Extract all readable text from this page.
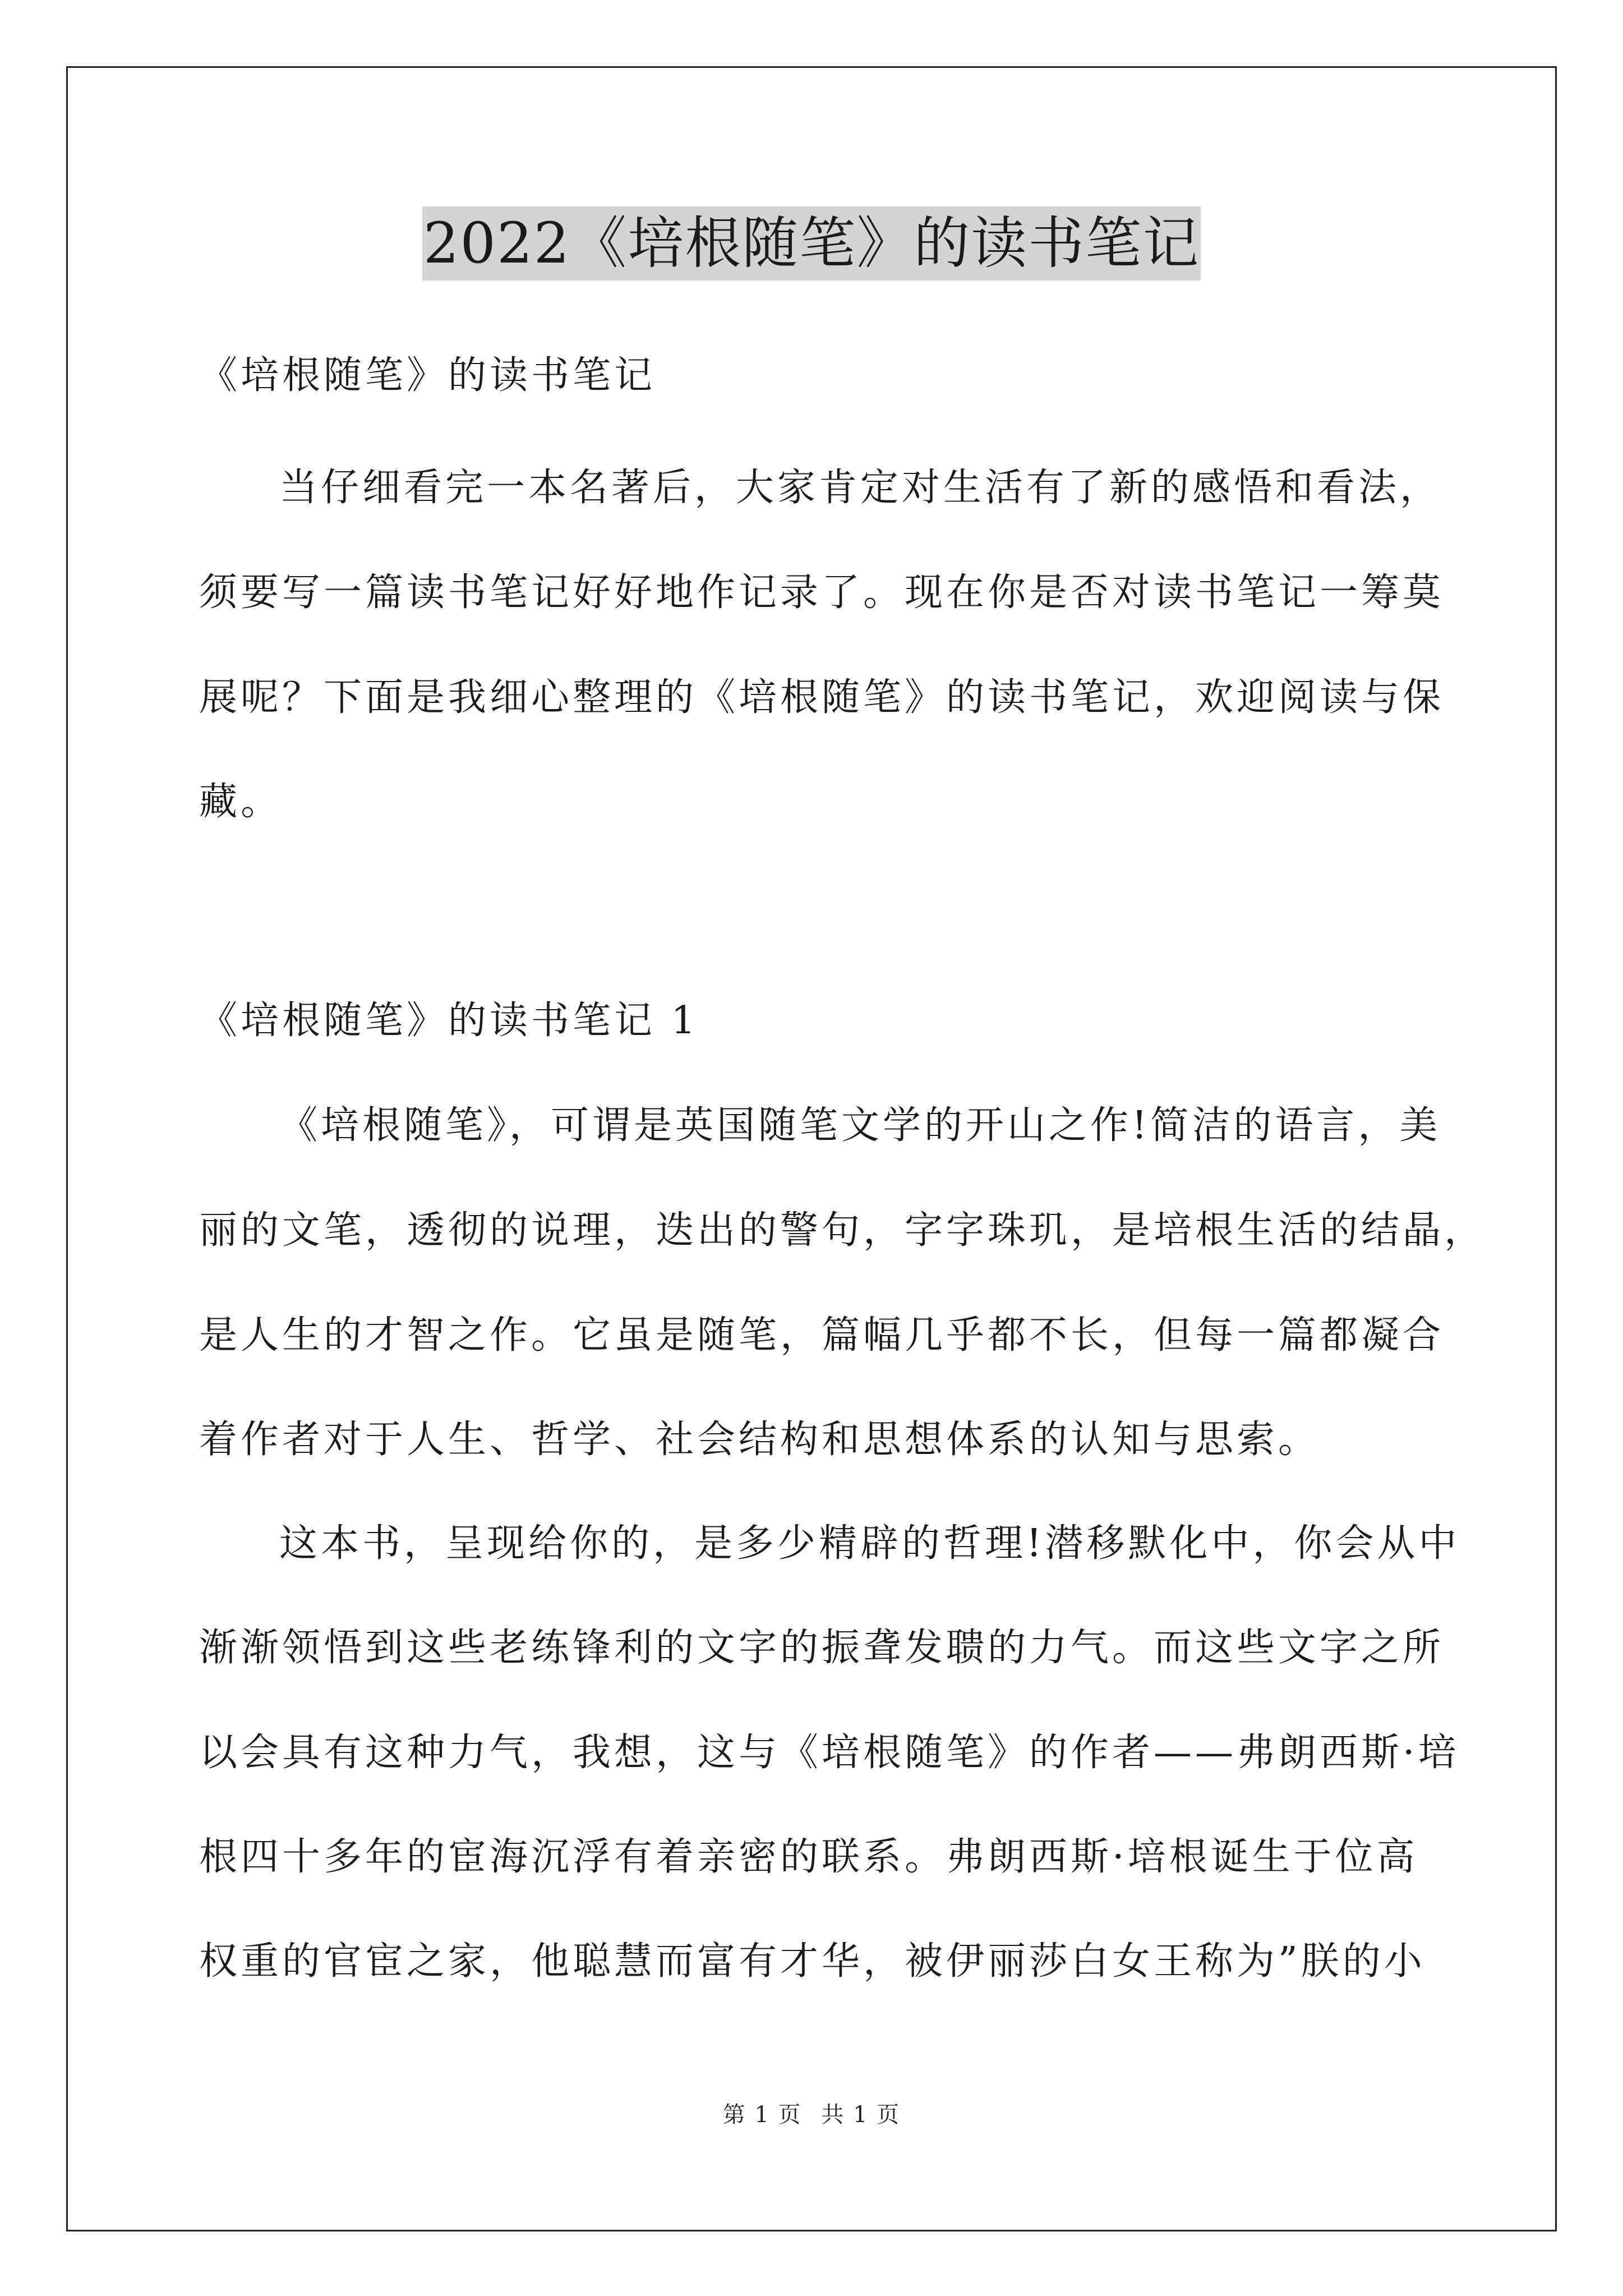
2022《培根随笔》的读书笔记
《培根随笔》的读书笔记
当仔细看完一本名著后，大家肯定对生活有了新的感悟和看法，
须要写一篇读书笔记好好地作记录了。现在你是否对读书笔记一筹莫
展呢？下面是我细心整理的《培根随笔》的读书笔记，欢迎阅读与保
藏。
《培根随笔》的读书笔记 1
《培根随笔》，可谓是英国随笔文学的开山之作!简洁的语言，美
丽的文笔，透彻的说理，迭出的警句，字字珠玑，是培根生活的结晶，
是人生的才智之作。它虽是随笔，篇幅几乎都不长，但每一篇都凝合
着作者对于人生、哲学、社会结构和思想体系的认知与思索。
这本书，呈现给你的，是多少精辟的哲理!潜移默化中，你会从中
渐渐领悟到这些老练锋利的文字的振聋发聩的力气。而这些文字之所
以会具有这种力气，我想，这与《培根随笔》的作者——弗朗西斯·培
根四十多年的宦海沉浮有着亲密的联系。弗朗西斯·培根诞生于位高
权重的官宦之家，他聪慧而富有才华，被伊丽莎白女王称为”朕的小
第 1 页 共 1 页
